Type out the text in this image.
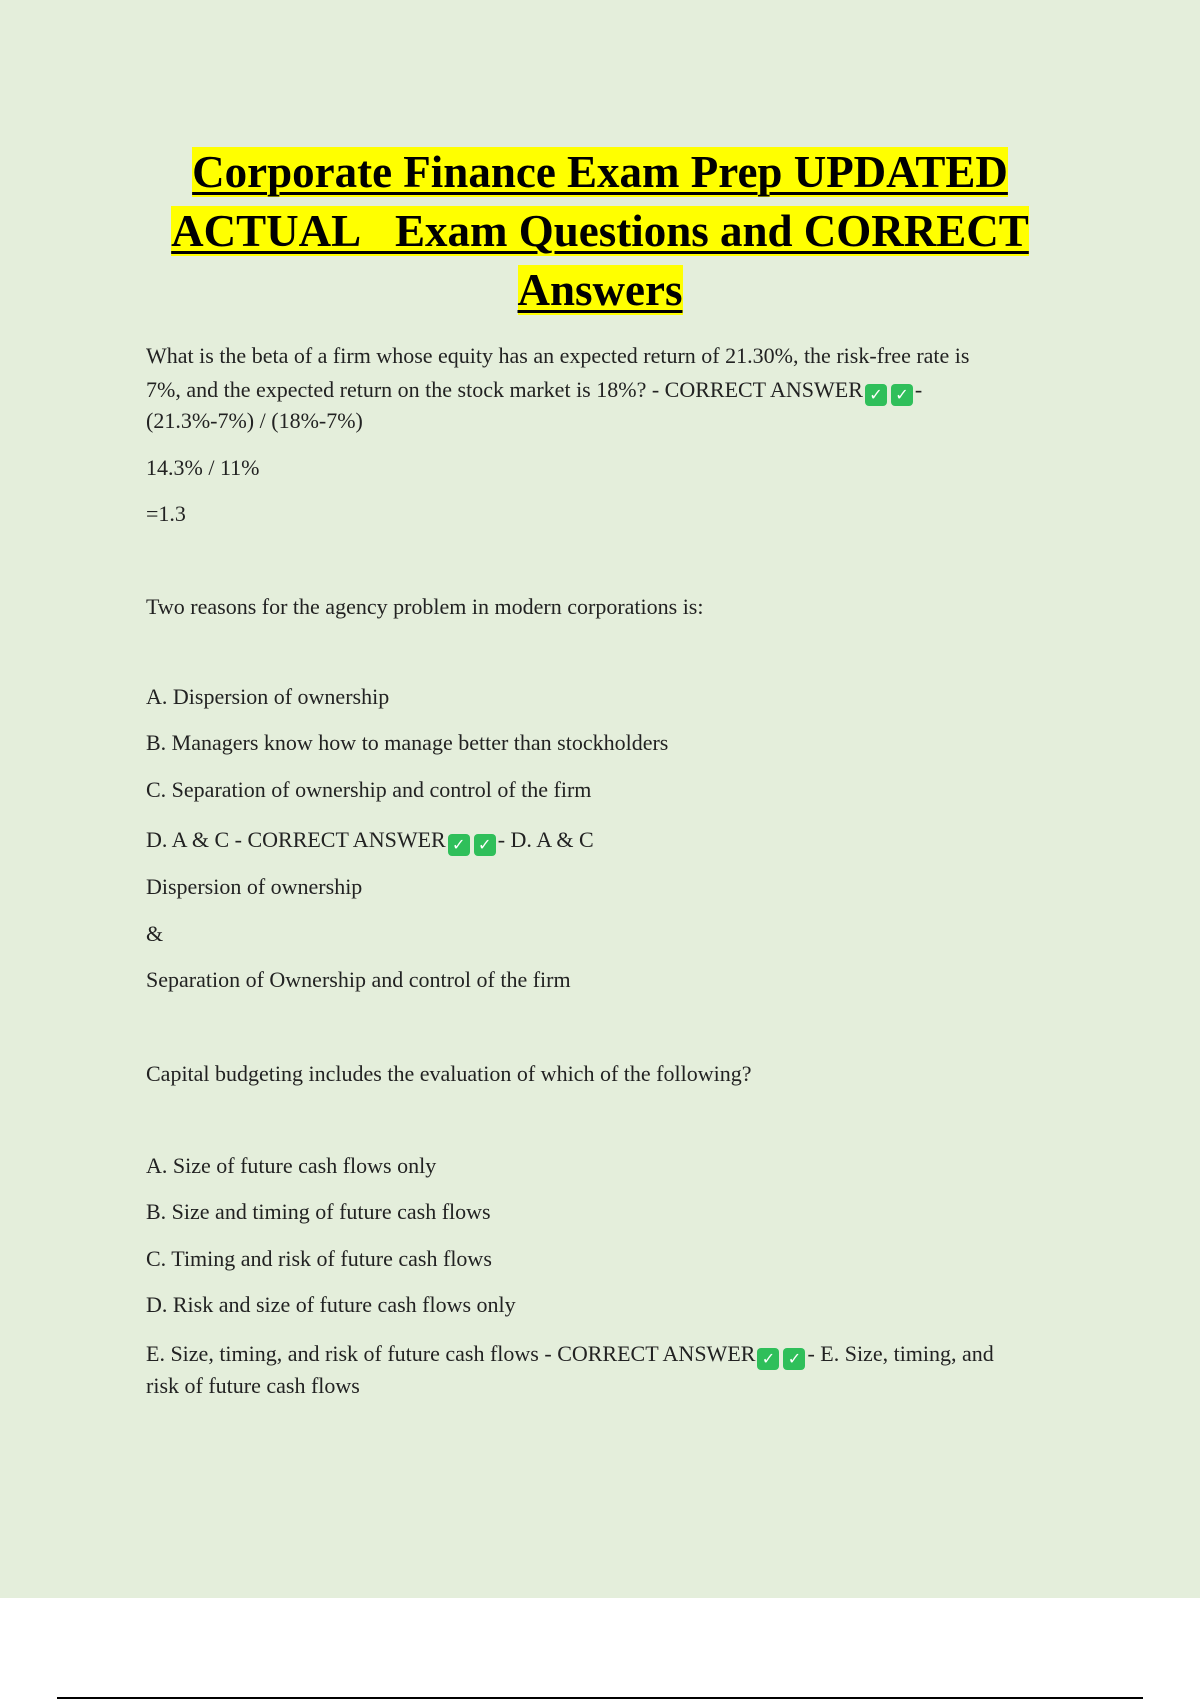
Corporate Finance Exam Prep UPDATED
ACTUAL   Exam Questions and CORRECT
Answers
What is the beta of a firm whose equity has an expected return of 21.30%, the risk-free rate is
7%, and the expected return on the stock market is 18%? - CORRECT ANSWER ✓ ✓ -
(21.3%-7%) / (18%-7%)
14.3% / 11%
=1.3
Two reasons for the agency problem in modern corporations is:
A. Dispersion of ownership
B. Managers know how to manage better than stockholders
C. Separation of ownership and control of the firm
D. A & C - CORRECT ANSWER ✓ ✓ - D. A & C
Dispersion of ownership
&
Separation of Ownership and control of the firm
Capital budgeting includes the evaluation of which of the following?
A. Size of future cash flows only
B. Size and timing of future cash flows
C. Timing and risk of future cash flows
D. Risk and size of future cash flows only
E. Size, timing, and risk of future cash flows - CORRECT ANSWER ✓ ✓ - E. Size, timing, and
risk of future cash flows
